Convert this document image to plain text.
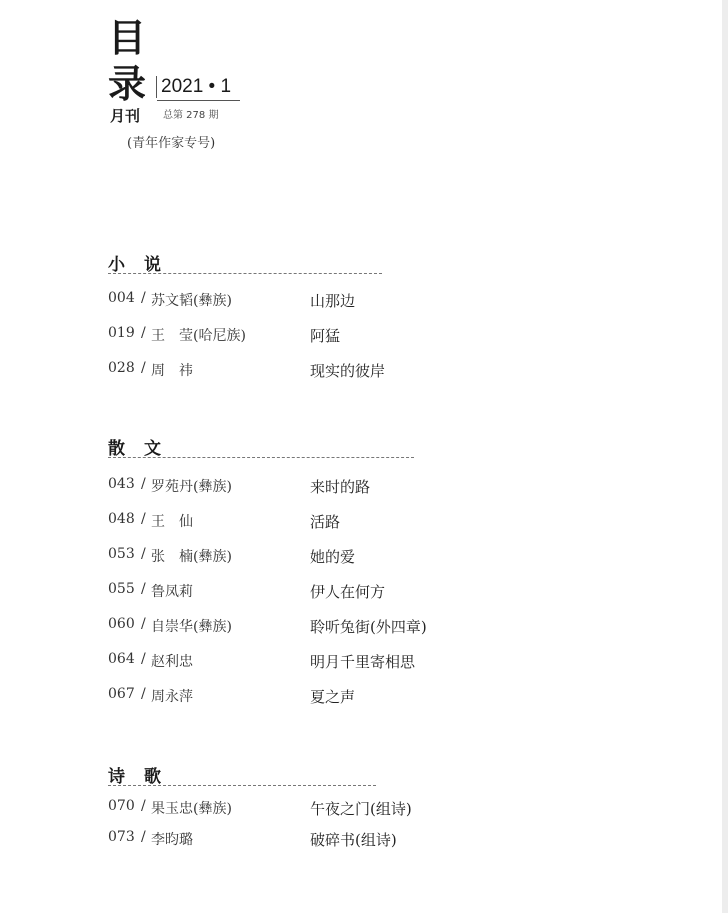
目
录 2021 • 1
月刊 总第 278 期
(青年作家专号)
小　说
004 / 苏文韬(彝族)	山那边
019 / 王　莹(哈尼族)	阿猛
028 / 周　祎	现实的彼岸
散　文
043 / 罗苑丹(彝族)	来时的路
048 / 王　仙	活路
053 / 张　楠(彝族)	她的爱
055 / 鲁凤莉	伊人在何方
060 / 自崇华(彝族)	聆听兔街(外四章)
064 / 赵利忠	明月千里寄相思
067 / 周永萍	夏之声
诗　歌
070 / 果玉忠(彝族)	午夜之门(组诗)
073 / 李昀璐	破碎书(组诗)
